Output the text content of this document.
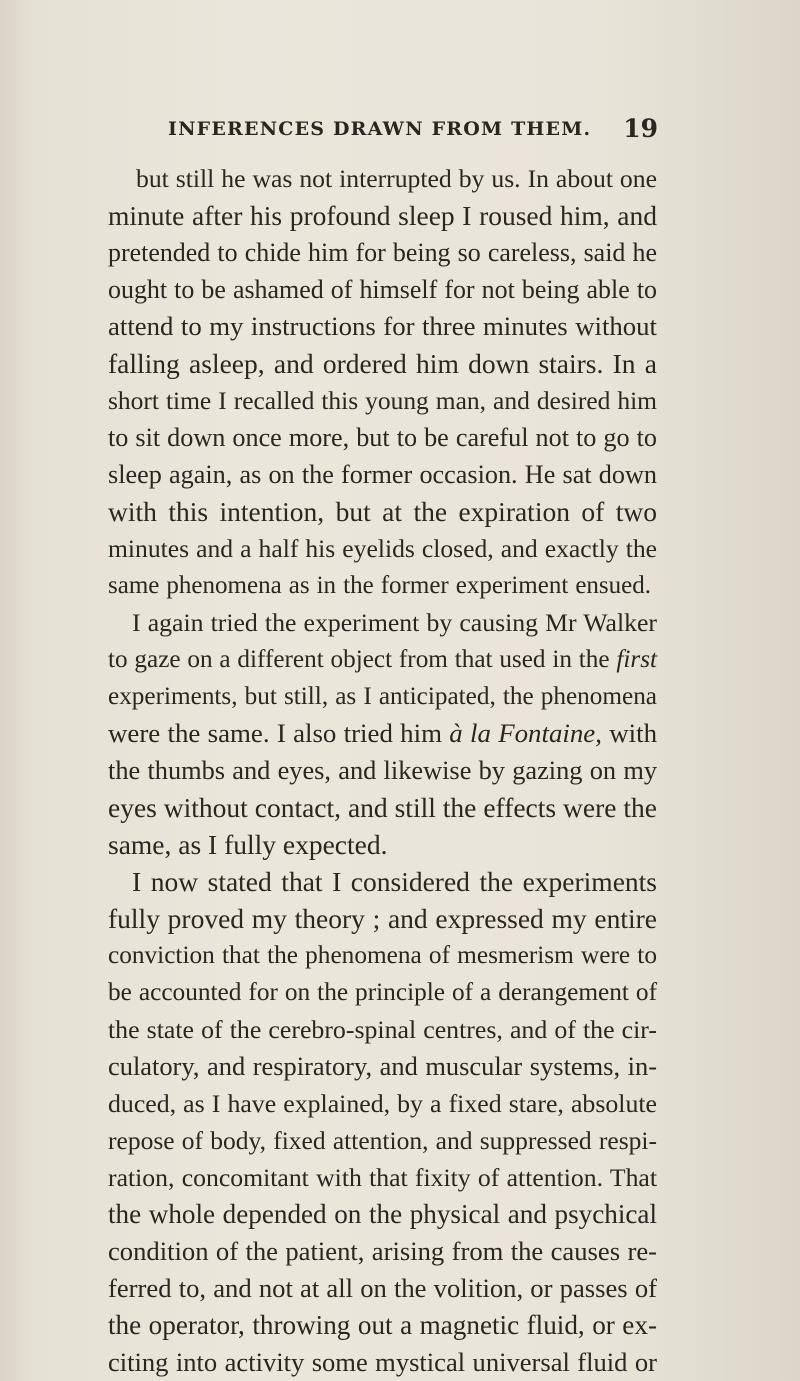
INFERENCES DRAWN FROM THEM.	19
but still he was not interrupted by us. In about one
minute after his profound sleep I roused him, and
pretended to chide him for being so careless, said he
ought to be ashamed of himself for not being able to
attend to my instructions for three minutes without
falling asleep, and ordered him down stairs. In a
short time I recalled this young man, and desired him
to sit down once more, but to be careful not to go to
sleep again, as on the former occasion. He sat down
with this intention, but at the expiration of two
minutes and a half his eyelids closed, and exactly the
same phenomena as in the former experiment ensued.
I again tried the experiment by causing Mr Walker
to gaze on a different object from that used in the first
experiments, but still, as I anticipated, the phenomena
were the same. I also tried him à la Fontaine, with
the thumbs and eyes, and likewise by gazing on my
eyes without contact, and still the effects were the
same, as I fully expected.
I now stated that I considered the experiments
fully proved my theory ; and expressed my entire
conviction that the phenomena of mesmerism were to
be accounted for on the principle of a derangement of
the state of the cerebro-spinal centres, and of the cir-
culatory, and respiratory, and muscular systems, in-
duced, as I have explained, by a fixed stare, absolute
repose of body, fixed attention, and suppressed respi-
ration, concomitant with that fixity of attention. That
the whole depended on the physical and psychical
condition of the patient, arising from the causes re-
ferred to, and not at all on the volition, or passes of
the operator, throwing out a magnetic fluid, or ex-
citing into activity some mystical universal fluid or
